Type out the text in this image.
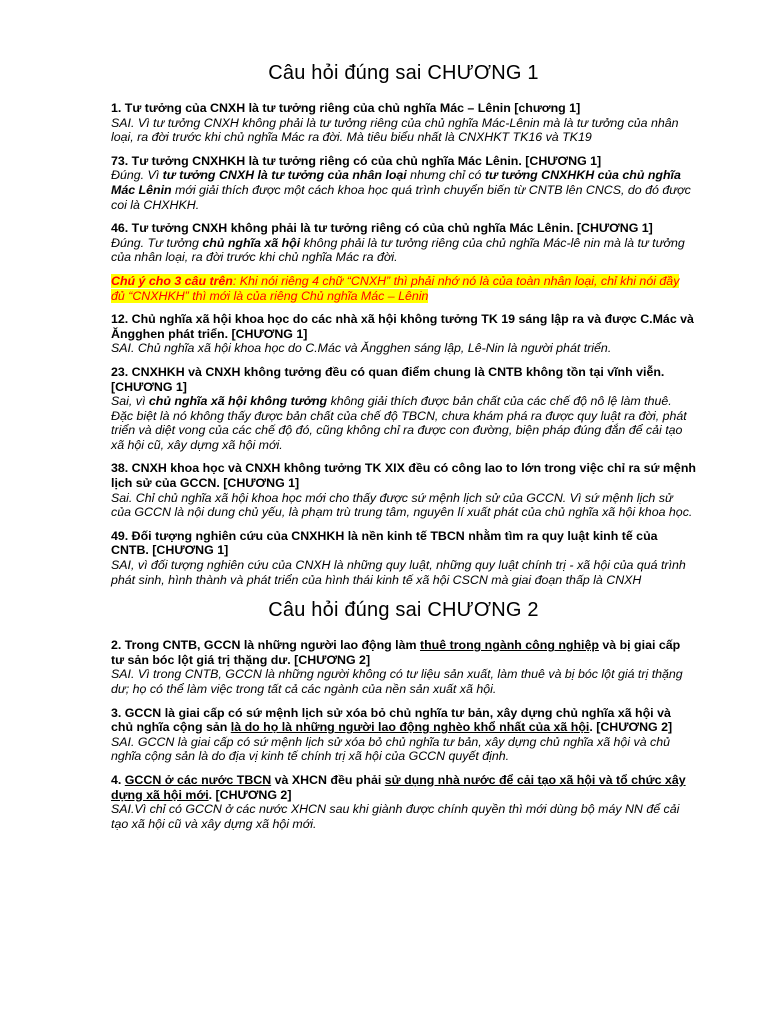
Câu hỏi đúng sai CHƯƠNG 1
1. Tư tưởng của CNXH là tư tưởng riêng của chủ nghĩa Mác – Lênin [chương 1]
SAI. Vì tư tưởng CNXH không phải là tư tưởng riêng của chủ nghĩa Mác-Lênin mà là tư tưởng của nhân loại, ra đời trước khi chủ nghĩa Mác ra đời. Mà tiêu biểu nhất là CNXHKT TK16 và TK19
73. Tư tưởng CNXHKH là tư tưởng riêng có của chủ nghĩa Mác Lênin. [CHƯƠNG 1]
Đúng. Vì tư tưởng CNXH là tư tưởng của nhân loại nhưng chỉ có tư tưởng CNXHKH của chủ nghĩa Mác Lênin mới giải thích được một cách khoa học quá trình chuyển biến từ CNTB lên CNCS, do đó được coi là CHXHKH.
46. Tư tưởng CNXH không phải là tư tưởng riêng có của chủ nghĩa Mác Lênin. [CHƯƠNG 1]
Đúng. Tư tưởng chủ nghĩa xã hội không phải là tư tưởng riêng của chủ nghĩa Mác-lê nin mà là tư tưởng của nhân loại, ra đời trước khi chủ nghĩa Mác ra đời.
Chú ý cho 3 câu trên: Khi nói riêng 4 chữ “CNXH” thì phải nhớ nó là của toàn nhân loại, chỉ khi nói đầy đủ “CNXHKH” thì mới là của riêng Chủ nghĩa Mác – Lênin
12. Chủ nghĩa xã hội khoa học do các nhà xã hội không tưởng TK 19 sáng lập ra và được C.Mác và Ăngghen phát triển. [CHƯƠNG 1]
SAI. Chủ nghĩa xã hội khoa học do C.Mác và Ăngghen sáng lập, Lê-Nin là người phát triển.
23. CNXHKH và CNXH không tưởng đều có quan điểm chung là CNTB không tồn tại vĩnh viễn. [CHƯƠNG 1]
Sai, vì chủ nghĩa xã hội không tưởng không giải thích được bản chất của các chế độ nô lệ làm thuê. Đặc biệt là nó không thấy được bản chất của chế độ TBCN, chưa khám phá ra được quy luật ra đời, phát triển và diệt vong của các chế độ đó, cũng không chỉ ra được con đường, biện pháp đúng đắn để cải tạo xã hội cũ, xây dựng xã hội mới.
38. CNXH khoa học và CNXH không tưởng TK XIX đều có công lao to lớn trong việc chỉ ra sứ mệnh lịch sử của GCCN. [CHƯƠNG 1]
Sai. Chỉ chủ nghĩa xã hội khoa học mới cho thấy được sứ mệnh lịch sử của GCCN. Vì sứ mệnh lịch sử của GCCN là nội dung chủ yếu, là phạm trù trung tâm, nguyên lí xuất phát của chủ nghĩa xã hội khoa học.
49. Đối tượng nghiên cứu của CNXHKH là nền kinh tế TBCN nhằm tìm ra quy luật kinh tế của CNTB. [CHƯƠNG 1]
SAI, vì đối tượng nghiên cứu của CNXH là những quy luật, những quy luật chính trị - xã hội của quá trình phát sinh, hình thành và phát triển của hình thái kinh tế xã hội CSCN mà giai đoạn thấp là CNXH
Câu hỏi đúng sai CHƯƠNG 2
2. Trong CNTB, GCCN là những người lao động làm thuê trong ngành công nghiệp và bị giai cấp tư sản bóc lột giá trị thặng dư. [CHƯƠNG 2]
SAI. Vì trong CNTB, GCCN là những người không có tư liệu sản xuất, làm thuê và bị bóc lột giá trị thặng dư; họ có thể làm việc trong tất cả các ngành của nền sản xuất xã hội.
3. GCCN là giai cấp có sứ mệnh lịch sử xóa bỏ chủ nghĩa tư bản, xây dựng chủ nghĩa xã hội và chủ nghĩa cộng sản là do họ là những người lao động nghèo khổ nhất của xã hội. [CHƯƠNG 2]
SAI. GCCN là giai cấp có sứ mệnh lịch sử xóa bỏ chủ nghĩa tư bản, xây dựng chủ nghĩa xã hội và chủ nghĩa cộng sản là do địa vị kinh tế chính trị xã hội của GCCN quyết định.
4. GCCN ở các nước TBCN và XHCN đều phải sử dụng nhà nước để cải tạo xã hội và tổ chức xây dựng xã hội mới. [CHƯƠNG 2]
SAI.Vì chỉ có GCCN ở các nước XHCN sau khi giành được chính quyền thì mới dùng bộ máy NN để cải tạo xã hội cũ và xây dựng xã hội mới.
